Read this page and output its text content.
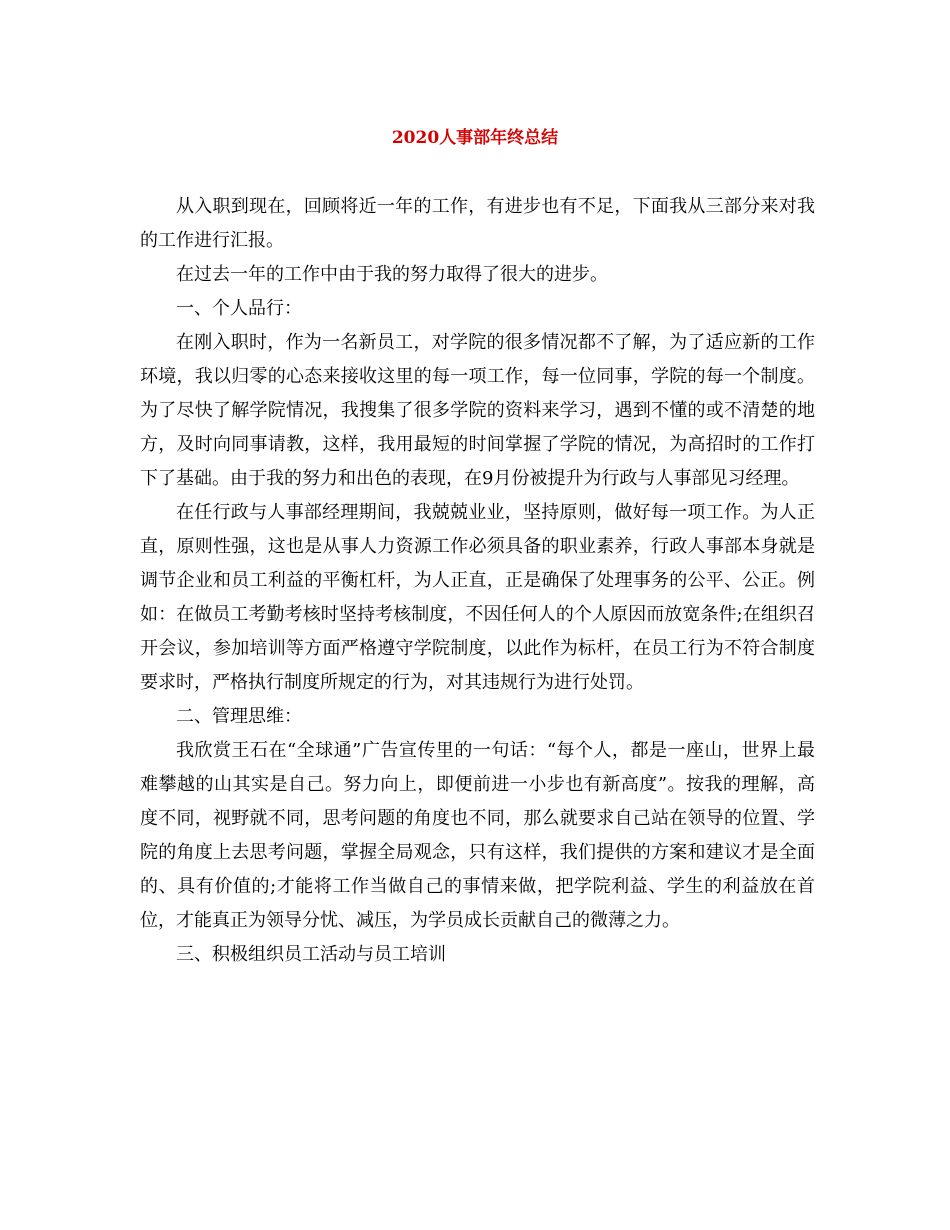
2020人事部年终总结

从入职到现在，回顾将近一年的工作，有进步也有不足，下面我从三部分来对我的工作进行汇报。

在过去一年的工作中由于我的努力取得了很大的进步。

一、个人品行：

在刚入职时，作为一名新员工，对学院的很多情况都不了解，为了适应新的工作环境，我以归零的心态来接收这里的每一项工作，每一位同事，学院的每一个制度。为了尽快了解学院情况，我搜集了很多学院的资料来学习，遇到不懂的或不清楚的地方，及时向同事请教，这样，我用最短的时间掌握了学院的情况，为高招时的工作打下了基础。由于我的努力和出色的表现，在9月份被提升为行政与人事部见习经理。

在任行政与人事部经理期间，我兢兢业业，坚持原则，做好每一项工作。为人正直，原则性强，这也是从事人力资源工作必须具备的职业素养，行政人事部本身就是调节企业和员工利益的平衡杠杆，为人正直，正是确保了处理事务的公平、公正。例如：在做员工考勤考核时坚持考核制度，不因任何人的个人原因而放宽条件;在组织召开会议，参加培训等方面严格遵守学院制度，以此作为标杆，在员工行为不符合制度要求时，严格执行制度所规定的行为，对其违规行为进行处罚。

二、管理思维：

我欣赏王石在“全球通”广告宣传里的一句话：“每个人，都是一座山，世界上最难攀越的山其实是自己。努力向上，即便前进一小步也有新高度”。按我的理解，高度不同，视野就不同，思考问题的角度也不同，那么就要求自己站在领导的位置、学院的角度上去思考问题，掌握全局观念，只有这样，我们提供的方案和建议才是全面的、具有价值的;才能将工作当做自己的事情来做，把学院利益、学生的利益放在首位，才能真正为领导分忧、减压，为学员成长贡献自己的微薄之力。

三、积极组织员工活动与员工培训
